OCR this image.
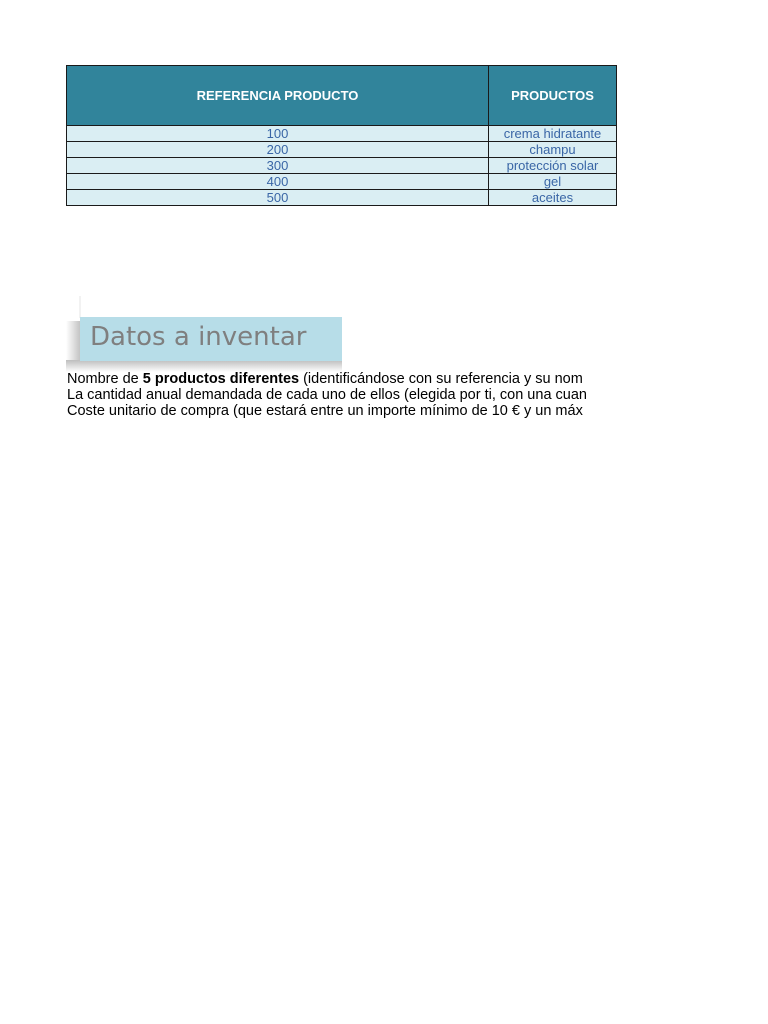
REFERENCIA PRODUCTO	PRODUCTOS
100	crema hidratante
200	champu
300	protección solar
400	gel
500	aceites
Datos a inventar
Nombre de 5 productos diferentes (identificándose con su referencia y su nom
La cantidad anual demandada de cada uno de ellos (elegida por ti, con una cuan
Coste unitario de compra (que estará entre un importe mínimo de 10 € y un máx
